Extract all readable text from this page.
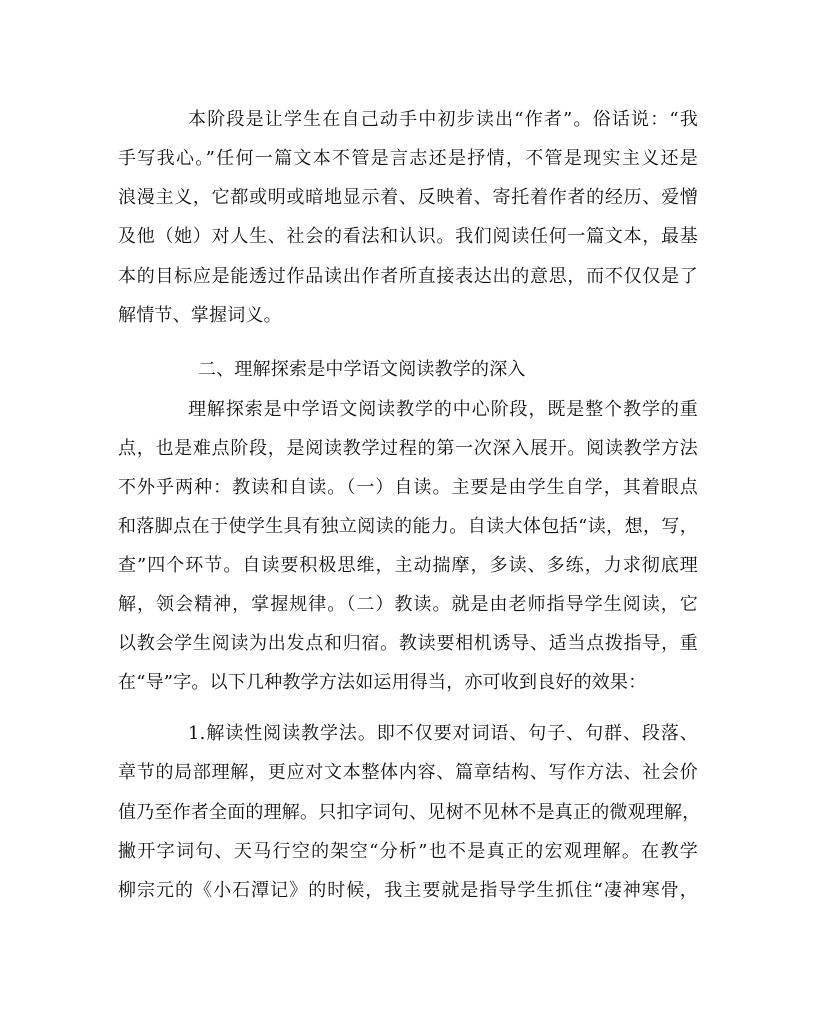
本阶段是让学生在自己动手中初步读出“作者”。俗话说：“我
手写我心。”任何一篇文本不管是言志还是抒情，不管是现实主义还是
浪漫主义，它都或明或暗地显示着、反映着、寄托着作者的经历、爱憎
及他（她）对人生、社会的看法和认识。我们阅读任何一篇文本，最基
本的目标应是能透过作品读出作者所直接表达出的意思，而不仅仅是了
解情节、掌握词义。
二、理解探索是中学语文阅读教学的深入
理解探索是中学语文阅读教学的中心阶段，既是整个教学的重
点，也是难点阶段，是阅读教学过程的第一次深入展开。阅读教学方法
不外乎两种：教读和自读。（一）自读。主要是由学生自学，其着眼点
和落脚点在于使学生具有独立阅读的能力。自读大体包括“读，想，写，
查”四个环节。自读要积极思维，主动揣摩，多读、多练，力求彻底理
解，领会精神，掌握规律。（二）教读。就是由老师指导学生阅读，它
以教会学生阅读为出发点和归宿。教读要相机诱导、适当点拨指导，重
在“导”字。以下几种教学方法如运用得当，亦可收到良好的效果：
1.解读性阅读教学法。即不仅要对词语、句子、句群、段落、
章节的局部理解，更应对文本整体内容、篇章结构、写作方法、社会价
值乃至作者全面的理解。只扣字词句、见树不见林不是真正的微观理解，
撇开字词句、天马行空的架空“分析”也不是真正的宏观理解。在教学
柳宗元的《小石潭记》的时候，我主要就是指导学生抓住“凄神寒骨，
